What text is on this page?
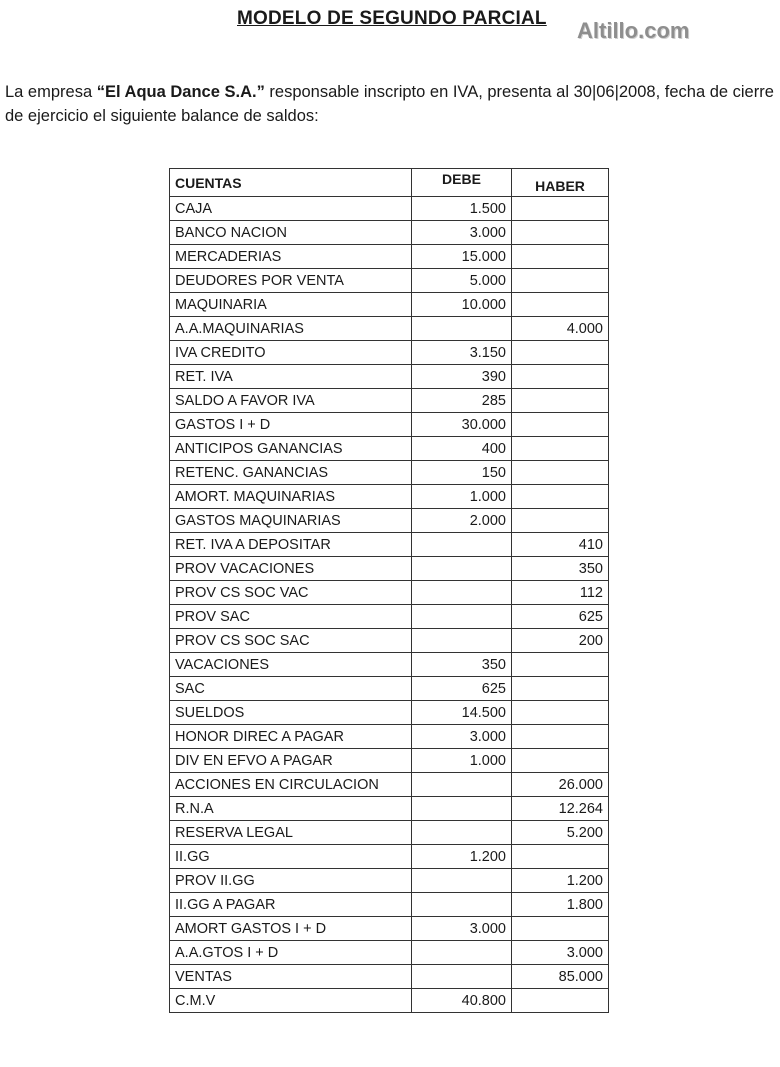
MODELO DE SEGUNDO PARCIAL Altillo.com
La empresa “El Aqua Dance S.A.” responsable inscripto en IVA, presenta al 30|06|2008, fecha de cierre de ejercicio el siguiente balance de saldos:
CUENTAS	DEBE	HABER
CAJA	1.500	
BANCO NACION	3.000	
MERCADERIAS	15.000	
DEUDORES POR VENTA	5.000	
MAQUINARIA	10.000	
A.A.MAQUINARIAS		4.000
IVA CREDITO	3.150	
RET. IVA	390	
SALDO A FAVOR IVA	285	
GASTOS I + D	30.000	
ANTICIPOS GANANCIAS	400	
RETENC. GANANCIAS	150	
AMORT. MAQUINARIAS	1.000	
GASTOS MAQUINARIAS	2.000	
RET. IVA A DEPOSITAR		410
PROV VACACIONES		350
PROV CS SOC VAC		112
PROV SAC		625
PROV CS SOC SAC		200
VACACIONES	350	
SAC	625	
SUELDOS	14.500	
HONOR DIREC A PAGAR	3.000	
DIV EN EFVO A PAGAR	1.000	
ACCIONES EN CIRCULACION		26.000
R.N.A		12.264
RESERVA LEGAL		5.200
II.GG	1.200	
PROV II.GG		1.200
II.GG A PAGAR		1.800
AMORT GASTOS I + D	3.000	
A.A.GTOS I + D		3.000
VENTAS		85.000
C.M.V	40.800	
